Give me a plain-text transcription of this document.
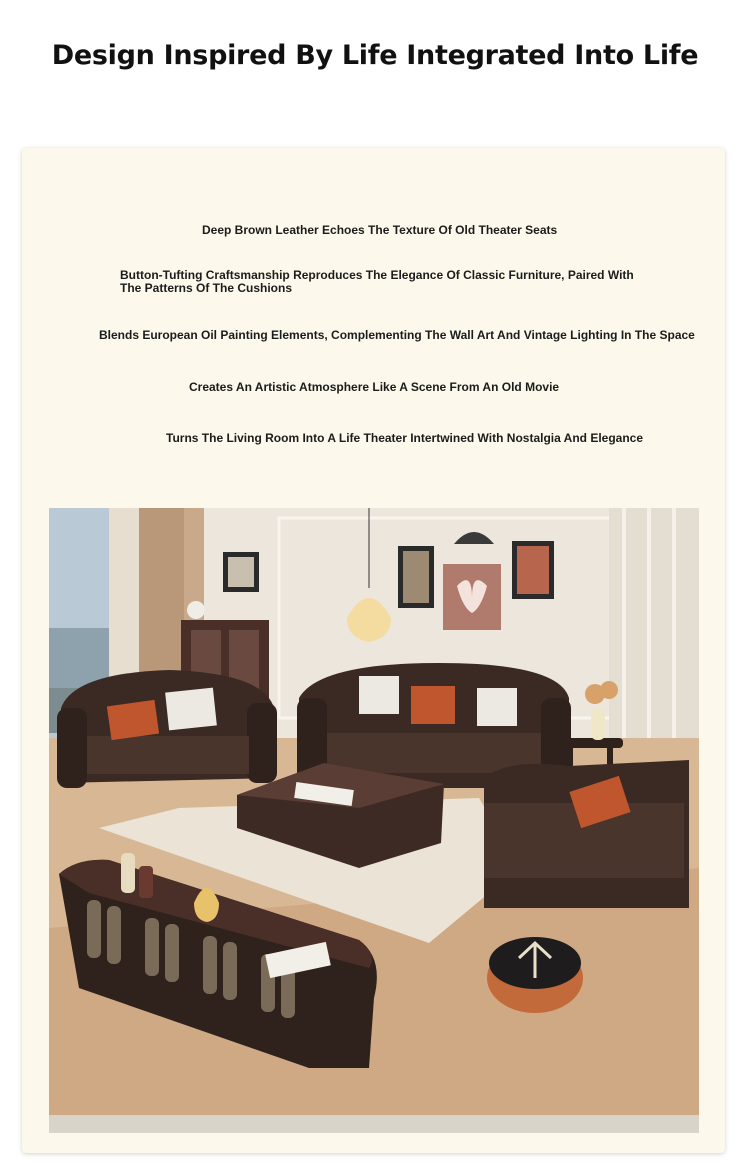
Design Inspired By Life Integrated Into Life
Deep Brown Leather Echoes The Texture Of Old Theater Seats
Button-Tufting Craftsmanship Reproduces The Elegance Of Classic Furniture, Paired With
The Patterns Of The Cushions
Blends European Oil Painting Elements, Complementing The Wall Art And Vintage Lighting In The Space
Creates An Artistic Atmosphere Like A Scene From An Old Movie
Turns The Living Room Into A Life Theater Intertwined With Nostalgia And Elegance
